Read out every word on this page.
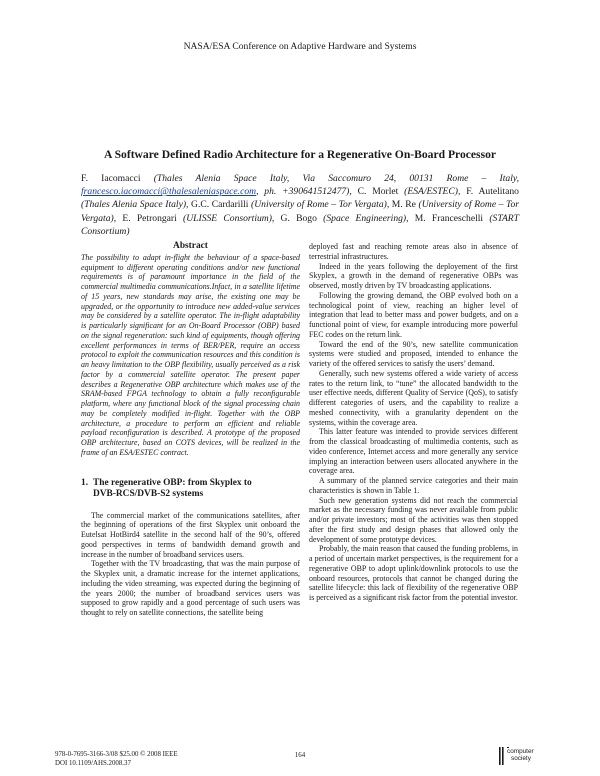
NASA/ESA Conference on Adaptive Hardware and Systems
A Software Defined Radio Architecture for a Regenerative On-Board Processor
F. Iacomacci (Thales Alenia Space Italy, Via Saccomuro 24, 00131 Rome – Italy, francesco.iacomacci@thalesaleniaspace.com, ph. +390641512477), C. Morlet (ESA/ESTEC), F. Autelitano (Thales Alenia Space Italy), G.C. Cardarilli (University of Rome – Tor Vergata), M. Re (University of Rome – Tor Vergata), E. Petrongari (ULISSE Consortium), G. Bogo (Space Engineering), M. Franceschelli (START Consortium)
Abstract

The possibility to adapt in-flight the behaviour of a space-based equipment to different operating conditions and/or new functional requirements is of paramount importance in the field of the commercial multimedia communications.Infact, in a satellite lifetime of 15 years, new standards may arise, the existing one may be upgraded, or the opportunity to introduce new added-value services may be considered by a satellite operator. The in-flight adaptability is particularly significant for an On-Board Processor (OBP) based on the signal regeneration: such kind of equipments, though offering excellent performances in terms of BER/PER, require an access protocol to exploit the communication resources and this condition is an heavy limitation to the OBP flexibility, usually perceived as a risk factor by a commercial satellite operator. The present paper describes a Regenerative OBP architecture which makes use of the SRAM-based FPGA technology to obtain a fully reconfigurable platform, where any functional block of the signal processing chain may be completely modified in-flight. Together with the OBP architecture, a procedure to perform an efficient and reliable payload reconfiguration is described. A prototype of the proposed OBP architecture, based on COTS devices, will be realized in the frame of an ESA/ESTEC contract.

1. The regenerative OBP: from Skyplex to
DVB-RCS/DVB-S2 systems

The commercial market of the communications satellites, after the beginning of operations of the first Skyplex unit onboard the Eutelsat HotBird4 satellite in the second half of the 90’s, offered good perspectives in terms of bandwidth demand growth and increase in the number of broadband services users.

Together with the TV broadcasting, that was the main purpose of the Skyplex unit, a dramatic increase for the internet applications, including the video streaming, was expected during the beginning of the years 2000; the number of broadband services users was supposed to grow rapidly and a good percentage of such users was thought to rely on satellite connections, the satellite being

deployed fast and reaching remote areas also in absence of terrestrial infrastructures.

Indeed in the years following the deployement of the first Skyplex, a growth in the demand of regenerative OBPs was observed, mostly driven by TV broadcasting applications.

Following the growing demand, the OBP evolved both on a technological point of view, reaching an higher level of integration that lead to better mass and power budgets, and on a functional point of view, for example introducing more powerful FEC codes on the return link.

Toward the end of the 90’s, new satellite communication systems were studied and proposed, intended to enhance the variety of the offered services to satisfy the users’ demand.

Generally, such new systems offered a wide variety of access rates to the return link, to “tune” the allocated bandwidth to the user effective needs, different Quality of Service (QoS), to satisfy different categories of users, and the capability to realize a meshed connectivity, with a granularity dependent on the systems, within the coverage area.

This latter feature was intended to provide services different from the classical broadcasting of multimedia contents, such as video conference, Internet access and more generally any service implying an interaction between users allocated anywhere in the coverage area.

A summary of the planned service categories and their main characteristics is shown in Table 1.

Such new generation systems did not reach the commercial market as the necessary funding was never available from public and/or private investors; most of the activities was then stopped after the first study and design phases that allowed only the development of some prototype devices.

Probably, the main reason that caused the funding problems, in a period of uncertain market perspectives, is the requirement for a regenerative OBP to adopt uplink/downlink protocols to use the onboard resources, protocols that cannot be changed during the satellite lifecycle: this lack of flexibility of the regenerative OBP is perceived as a significant risk factor from the potential investor.

978-0-7695-3166-3/08 $25.00 © 2008 IEEE
DOI 10.1109/AHS.2008.37
164
computer
society
